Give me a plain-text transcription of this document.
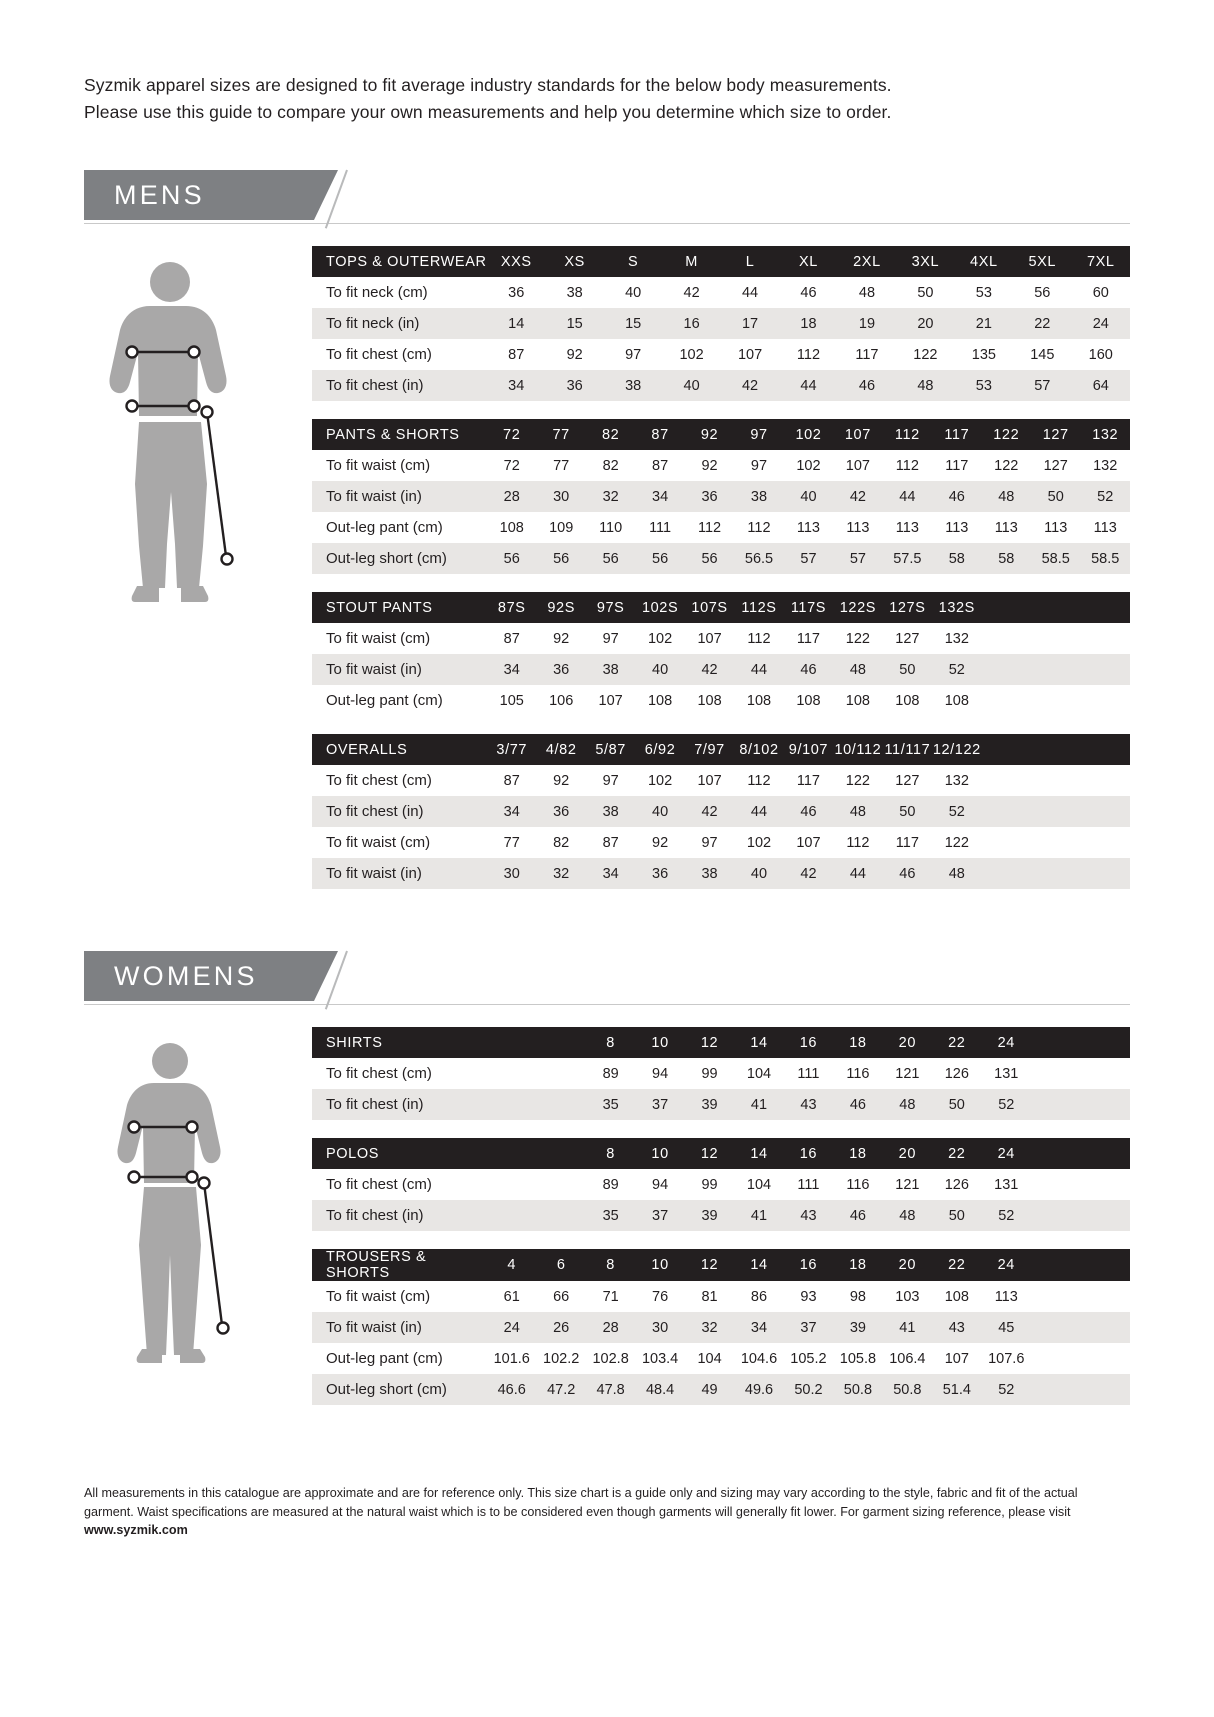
Syzmik apparel sizes are designed to fit average industry standards for the below body measurements.
Please use this guide to compare your own measurements and help you determine which size to order.
MENS
TOPS & OUTERWEAR	XXS	XS	S	M	L	XL	2XL	3XL	4XL	5XL	7XL
To fit neck (cm)	36	38	40	42	44	46	48	50	53	56	60
To fit neck (in)	14	15	15	16	17	18	19	20	21	22	24
To fit chest (cm)	87	92	97	102	107	112	117	122	135	145	160
To fit chest (in)	34	36	38	40	42	44	46	48	53	57	64
PANTS & SHORTS	72	77	82	87	92	97	102	107	112	117	122	127	132
To fit waist (cm)	72	77	82	87	92	97	102	107	112	117	122	127	132
To fit waist (in)	28	30	32	34	36	38	40	42	44	46	48	50	52
Out-leg pant (cm)	108	109	110	111	112	112	113	113	113	113	113	113	113
Out-leg short (cm)	56	56	56	56	56	56.5	57	57	57.5	58	58	58.5	58.5
STOUT PANTS	87S	92S	97S	102S	107S	112S	117S	122S	127S	132S			
To fit waist (cm)	87	92	97	102	107	112	117	122	127	132			
To fit waist (in)	34	36	38	40	42	44	46	48	50	52			
Out-leg pant (cm)	105	106	107	108	108	108	108	108	108	108			
OVERALLS	3/77	4/82	5/87	6/92	7/97	8/102	9/107	10/112	11/117	12/122			
To fit chest (cm)	87	92	97	102	107	112	117	122	127	132			
To fit chest (in)	34	36	38	40	42	44	46	48	50	52			
To fit waist (cm)	77	82	87	92	97	102	107	112	117	122			
To fit waist (in)	30	32	34	36	38	40	42	44	46	48			
WOMENS
SHIRTS			8	10	12	14	16	18	20	22	24		
To fit chest (cm)			89	94	99	104	111	116	121	126	131		
To fit chest (in)			35	37	39	41	43	46	48	50	52		
POLOS			8	10	12	14	16	18	20	22	24		
To fit chest (cm)			89	94	99	104	111	116	121	126	131		
To fit chest (in)			35	37	39	41	43	46	48	50	52		
TROUSERS & SHORTS	4	6	8	10	12	14	16	18	20	22	24		
To fit waist (cm)	61	66	71	76	81	86	93	98	103	108	113		
To fit waist (in)	24	26	28	30	32	34	37	39	41	43	45		
Out-leg pant (cm)	101.6	102.2	102.8	103.4	104	104.6	105.2	105.8	106.4	107	107.6		
Out-leg short (cm)	46.6	47.2	47.8	48.4	49	49.6	50.2	50.8	50.8	51.4	52		
All measurements in this catalogue are approximate and are for reference only. This size chart is a guide only and sizing may vary according to the style, fabric and fit of the actual garment. Waist specifications are measured at the natural waist which is to be considered even though garments will generally fit lower. For garment sizing reference, please visit www.syzmik.com
